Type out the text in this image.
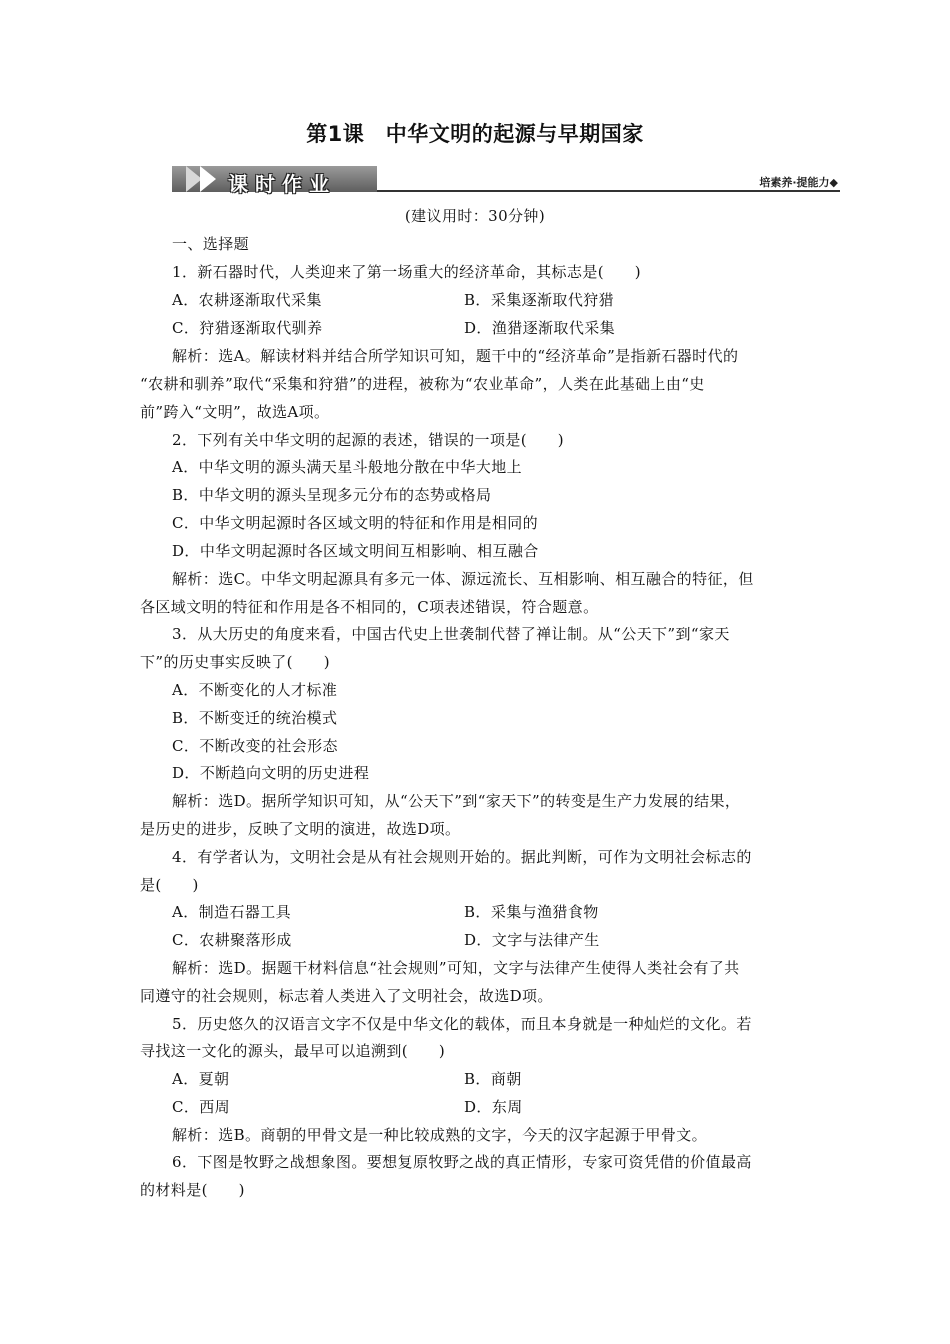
第1课　中华文明的起源与早期国家
课时作业	培素养·提能力◆
(建议用时：30分钟)
一、选择题
1．新石器时代，人类迎来了第一场重大的经济革命，其标志是(　　)
A．农耕逐渐取代采集	B．采集逐渐取代狩猎
C．狩猎逐渐取代驯养	D．渔猎逐渐取代采集
解析：选A。解读材料并结合所学知识可知，题干中的“经济革命”是指新石器时代的
“农耕和驯养”取代“采集和狩猎”的进程，被称为“农业革命”，人类在此基础上由“史
前”跨入“文明”，故选A项。
2．下列有关中华文明的起源的表述，错误的一项是(　　)
A．中华文明的源头满天星斗般地分散在中华大地上
B．中华文明的源头呈现多元分布的态势或格局
C．中华文明起源时各区域文明的特征和作用是相同的
D．中华文明起源时各区域文明间互相影响、相互融合
解析：选C。中华文明起源具有多元一体、源远流长、互相影响、相互融合的特征，但
各区域文明的特征和作用是各不相同的，C项表述错误，符合题意。
3．从大历史的角度来看，中国古代史上世袭制代替了禅让制。从“公天下”到“家天
下”的历史事实反映了(　　)
A．不断变化的人才标准
B．不断变迁的统治模式
C．不断改变的社会形态
D．不断趋向文明的历史进程
解析：选D。据所学知识可知，从“公天下”到“家天下”的转变是生产力发展的结果，
是历史的进步，反映了文明的演进，故选D项。
4．有学者认为，文明社会是从有社会规则开始的。据此判断，可作为文明社会标志的
是(　　)
A．制造石器工具	B．采集与渔猎食物
C．农耕聚落形成	D．文字与法律产生
解析：选D。据题干材料信息“社会规则”可知，文字与法律产生使得人类社会有了共
同遵守的社会规则，标志着人类进入了文明社会，故选D项。
5．历史悠久的汉语言文字不仅是中华文化的载体，而且本身就是一种灿烂的文化。若
寻找这一文化的源头，最早可以追溯到(　　)
A．夏朝	B．商朝
C．西周	D．东周
解析：选B。商朝的甲骨文是一种比较成熟的文字，今天的汉字起源于甲骨文。
6．下图是牧野之战想象图。要想复原牧野之战的真正情形，专家可资凭借的价值最高
的材料是(　　)
